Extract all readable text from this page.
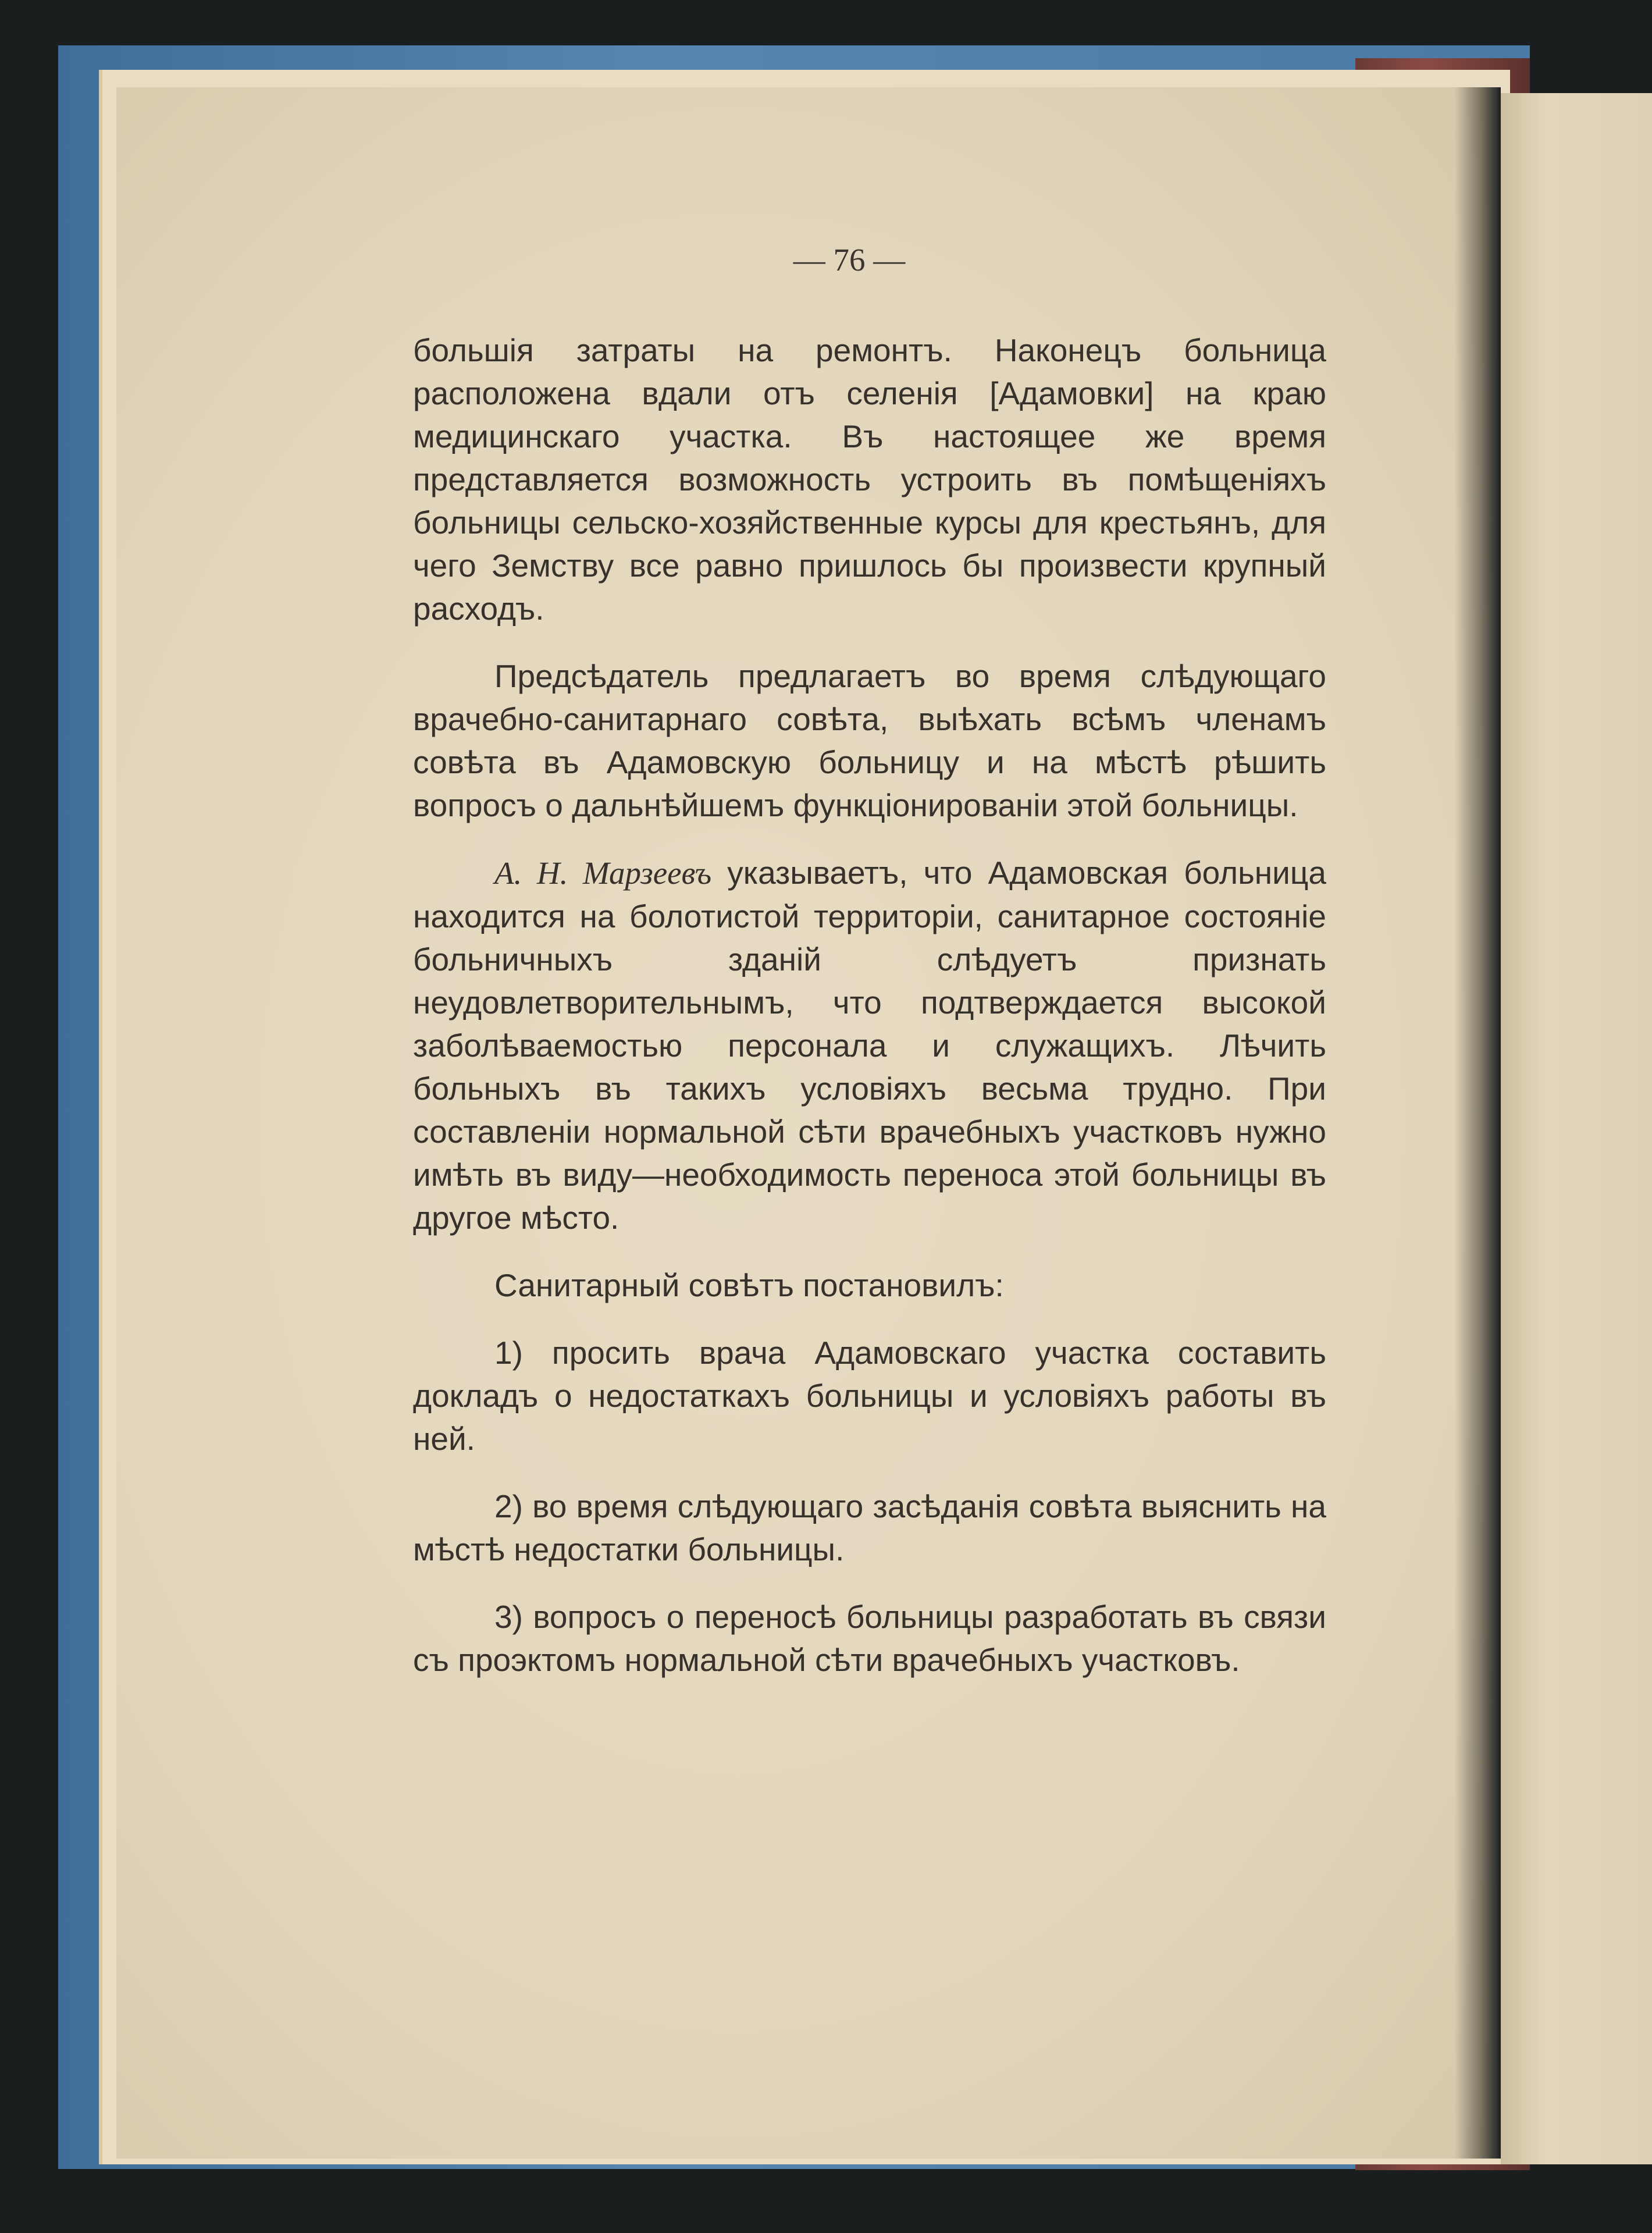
— 76 —

большія затраты на ремонтъ. Наконецъ больница расположена вдали отъ селенія [Адамовки] на краю медицинскаго участка. Въ настоящее же время представляется возможность устроить въ помѣщеніяхъ больницы сельско-хозяйственные курсы для крестьянъ, для чего Земству все равно пришлось бы произвести крупный расходъ.

Предсѣдатель предлагаетъ во время слѣдующаго врачебно-санитарнаго совѣта, выѣхать всѣмъ членамъ совѣта въ Адамовскую больницу и на мѣстѣ рѣшить вопросъ о дальнѣйшемъ функціонированіи этой больницы.

А. Н. Марзеевъ указываетъ, что Адамовская больница находится на болотистой территоріи, санитарное состояніе больничныхъ зданій слѣдуетъ признать неудовлетворительнымъ, что подтверждается высокой заболѣваемостью персонала и служащихъ. Лѣчить больныхъ въ такихъ условіяхъ весьма трудно. При составленіи нормальной сѣти врачебныхъ участковъ нужно имѣть въ виду—необходимость переноса этой больницы въ другое мѣсто.

Санитарный совѣтъ постановилъ:

1) просить врача Адамовскаго участка составить докладъ о недостаткахъ больницы и условіяхъ работы въ ней.

2) во время слѣдующаго засѣданія совѣта выяснить на мѣстѣ недостатки больницы.

3) вопросъ о переносѣ больницы разработать въ связи съ проэктомъ нормальной сѣти врачебныхъ участковъ.
